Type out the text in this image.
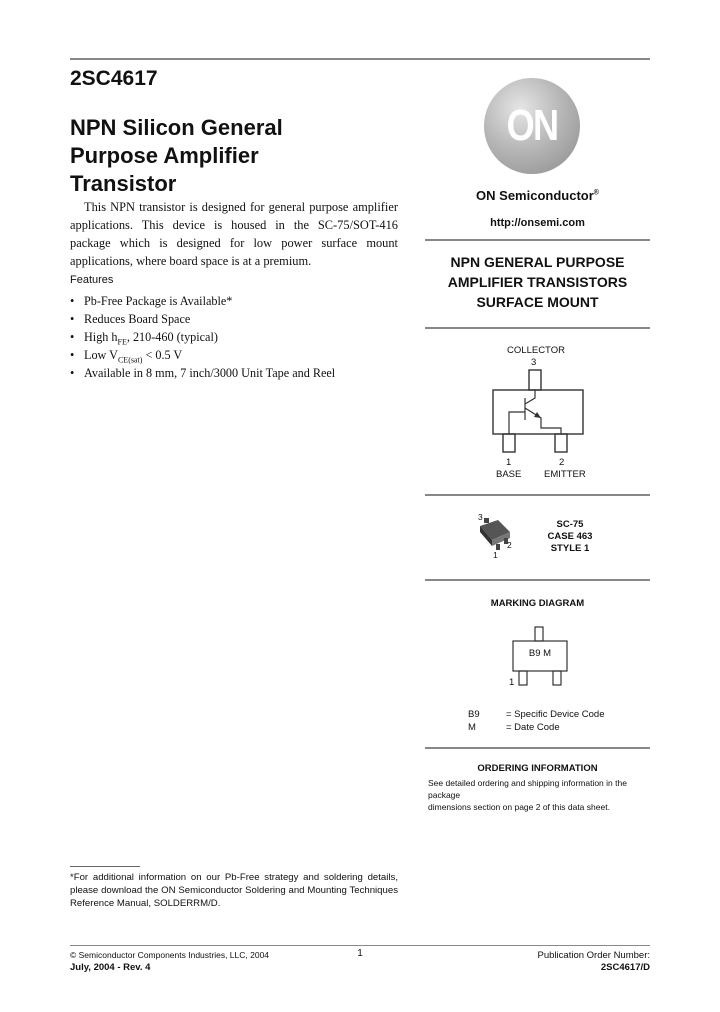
2SC4617
NPN Silicon General
Purpose Amplifier
Transistor
This NPN transistor is designed for general purpose amplifier applications. This device is housed in the SC-75/SOT-416 package which is designed for low power surface mount applications, where board space is at a premium.
Features
• Pb-Free Package is Available*
• Reduces Board Space
• High $h_{FE}$, 210-460 (typical)
• Low $V_{CE(sat)} < 0.5$ V
• Available in 8 mm, 7 inch/3000 Unit Tape and Reel
ON
ON Semiconductor®
http://onsemi.com
NPN GENERAL PURPOSE
AMPLIFIER TRANSISTORS
SURFACE MOUNT
COLLECTOR
3
1	2
BASE EMITTER
3
2
1
SC-75
CASE 463
STYLE 1
MARKING DIAGRAM
B9 M
1
B9	= Specific Device Code
M	= Date Code
ORDERING INFORMATION
See detailed ordering and shipping information in the package
dimensions section on page 2 of this data sheet.
*For additional information on our Pb-Free strategy and soldering details, please download the ON Semiconductor Soldering and Mounting Techniques Reference Manual, SOLDERRM/D.
© Semiconductor Components Industries, LLC, 2004
July, 2004 - Rev. 4
1	Publication Order Number:
2SC4617/D
